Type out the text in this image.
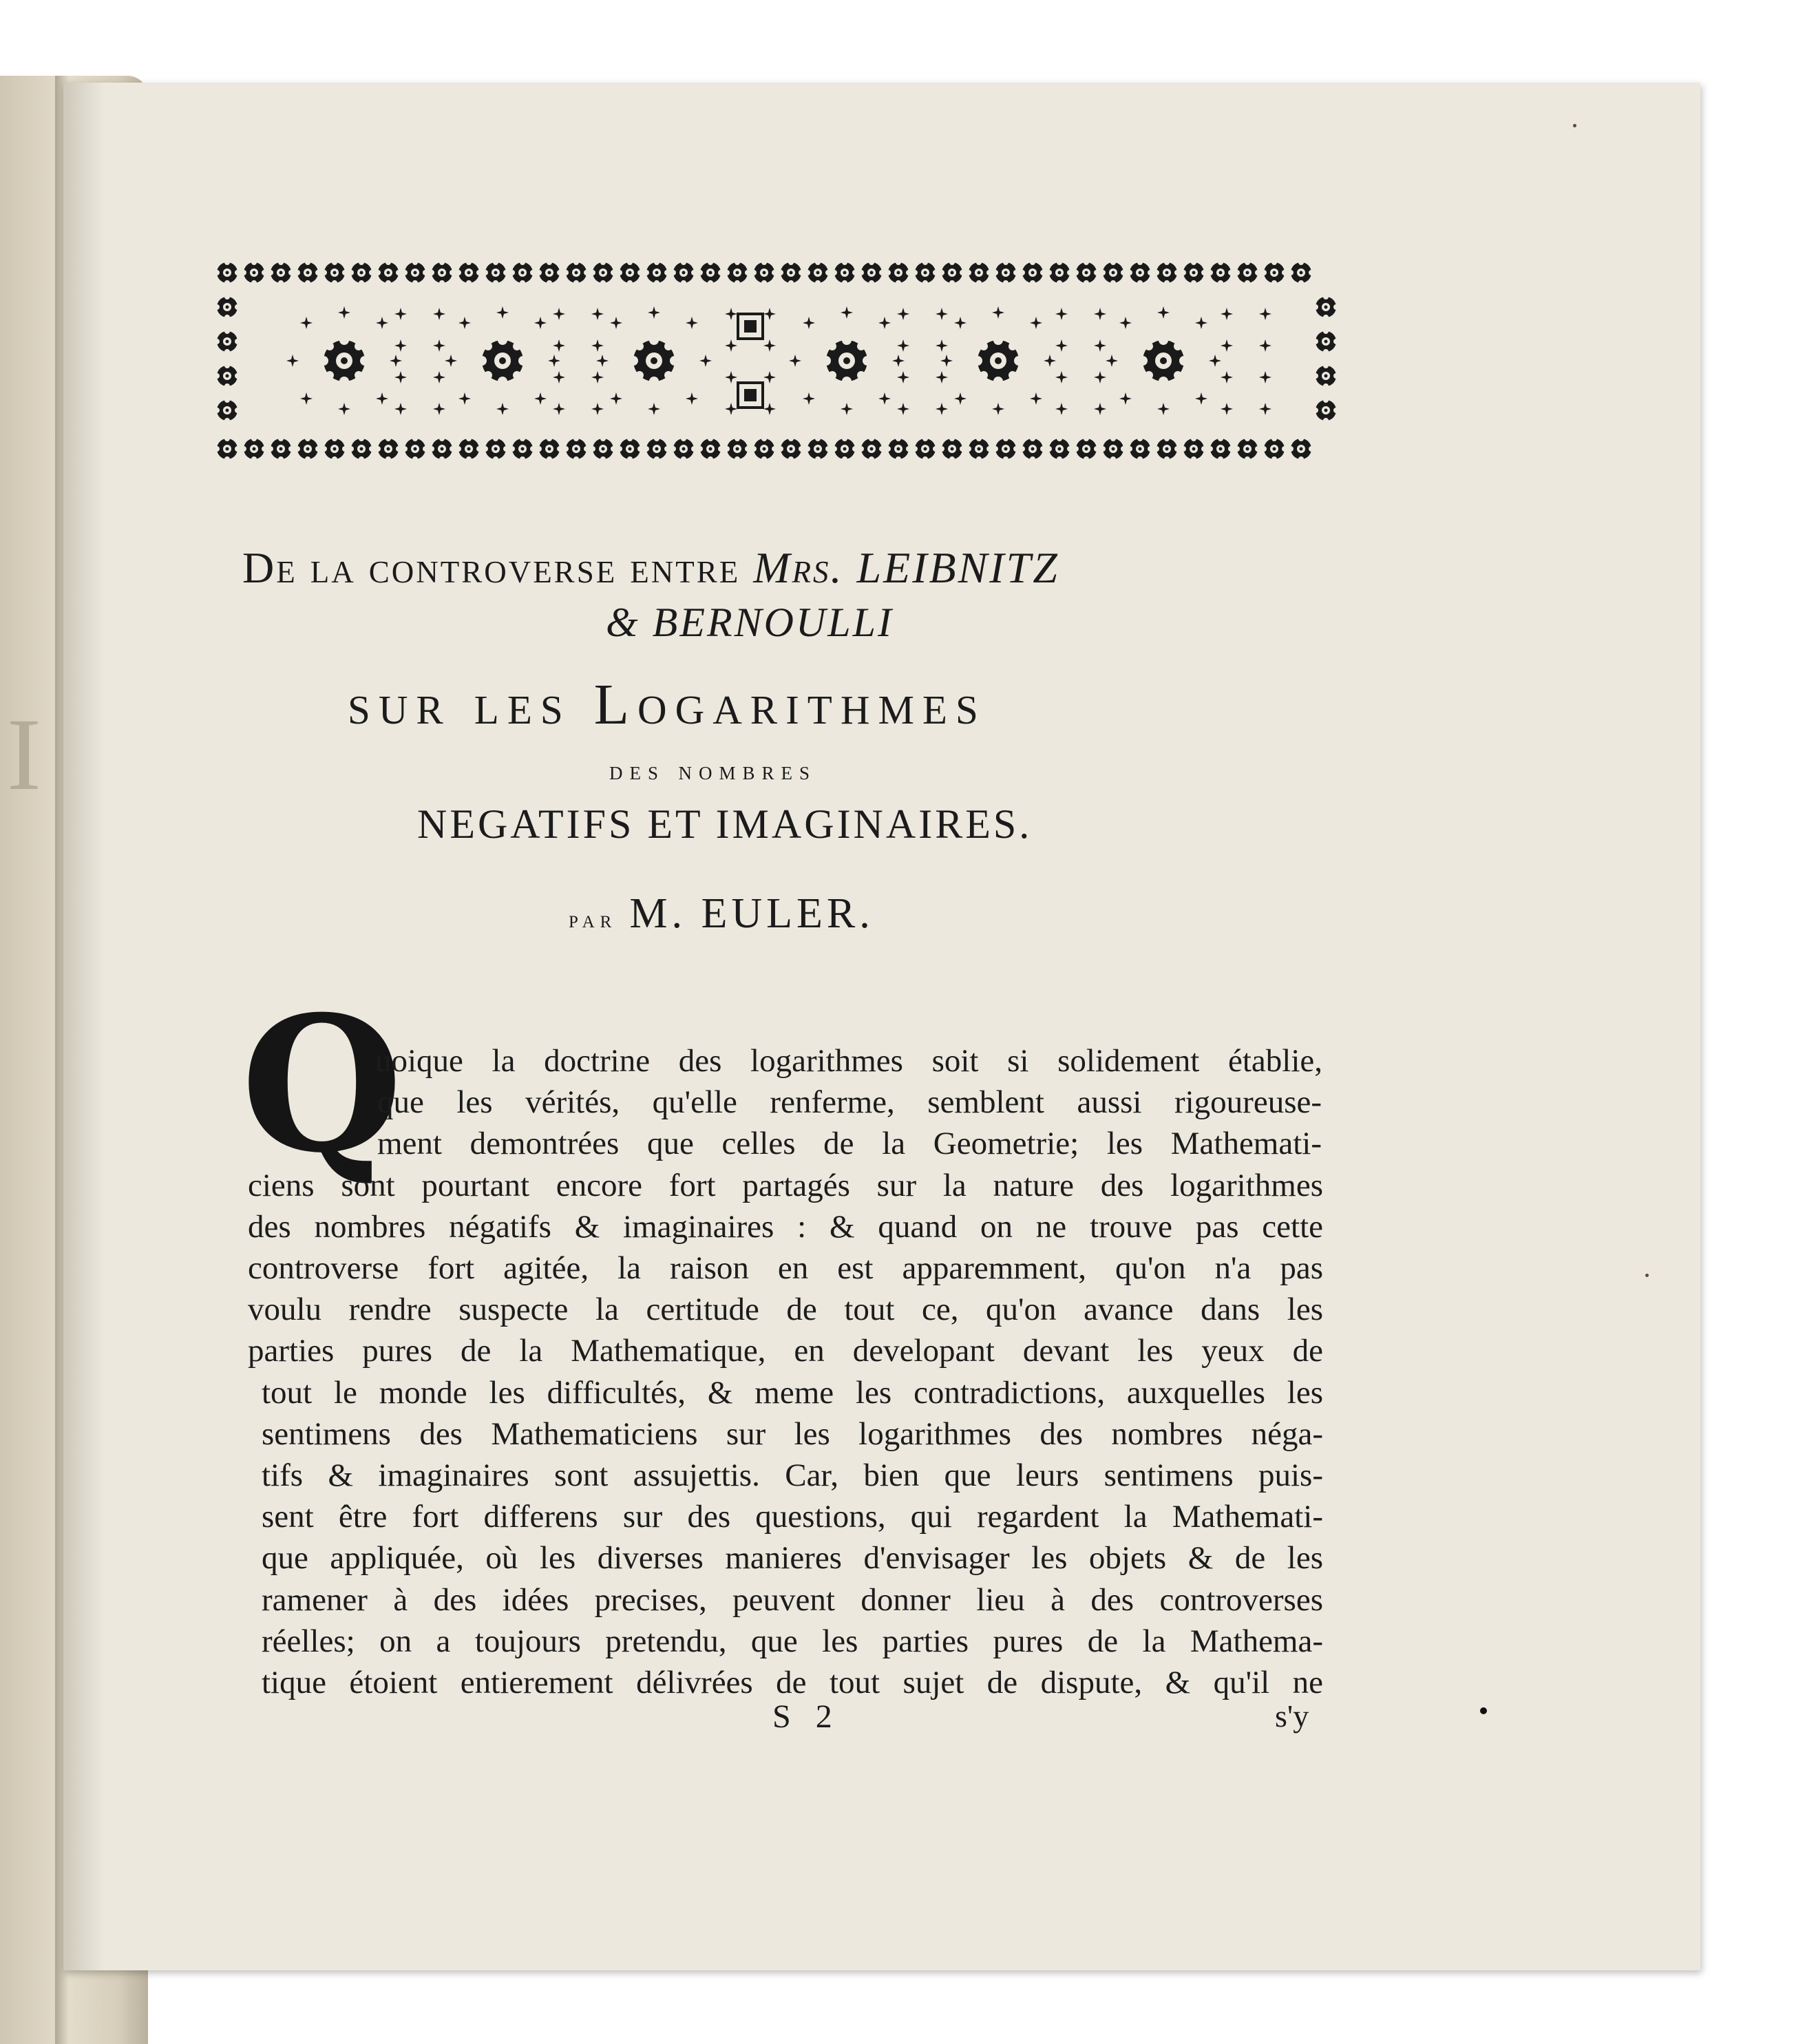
I
De la controverse entre Mrs. LEIBNITZ
& BERNOULLI
sur les Logarithmes
des nombres
NEGATIFS ET IMAGINAIRES.
par M. EULER.
Q
uoique la doctrine des logarithmes soit si solidement établie,
que les vérités, qu'elle renferme, semblent aussi rigoureuse-
ment demontrées que celles de la Geometrie; les Mathemati-
ciens sont pourtant encore fort partagés sur la nature des logarithmes
des nombres négatifs & imaginaires : & quand on ne trouve pas cette
controverse fort agitée, la raison en est apparemment, qu'on n'a pas
voulu rendre suspecte la certitude de tout ce, qu'on avance dans les
parties pures de la Mathematique, en developant devant les yeux de
tout le monde les difficultés, & meme les contradictions, auxquelles les
sentimens des Mathematiciens sur les logarithmes des nombres néga-
tifs & imaginaires sont assujettis. Car, bien que leurs sentimens puis-
sent être fort differens sur des questions, qui regardent la Mathemati-
que appliquée, où les diverses manieres d'envisager les objets & de les
ramener à des idées precises, peuvent donner lieu à des controverses
réelles; on a toujours pretendu, que les parties pures de la Mathema-
tique étoient entierement délivrées de tout sujet de dispute, & qu'il ne
S 2	s'y
